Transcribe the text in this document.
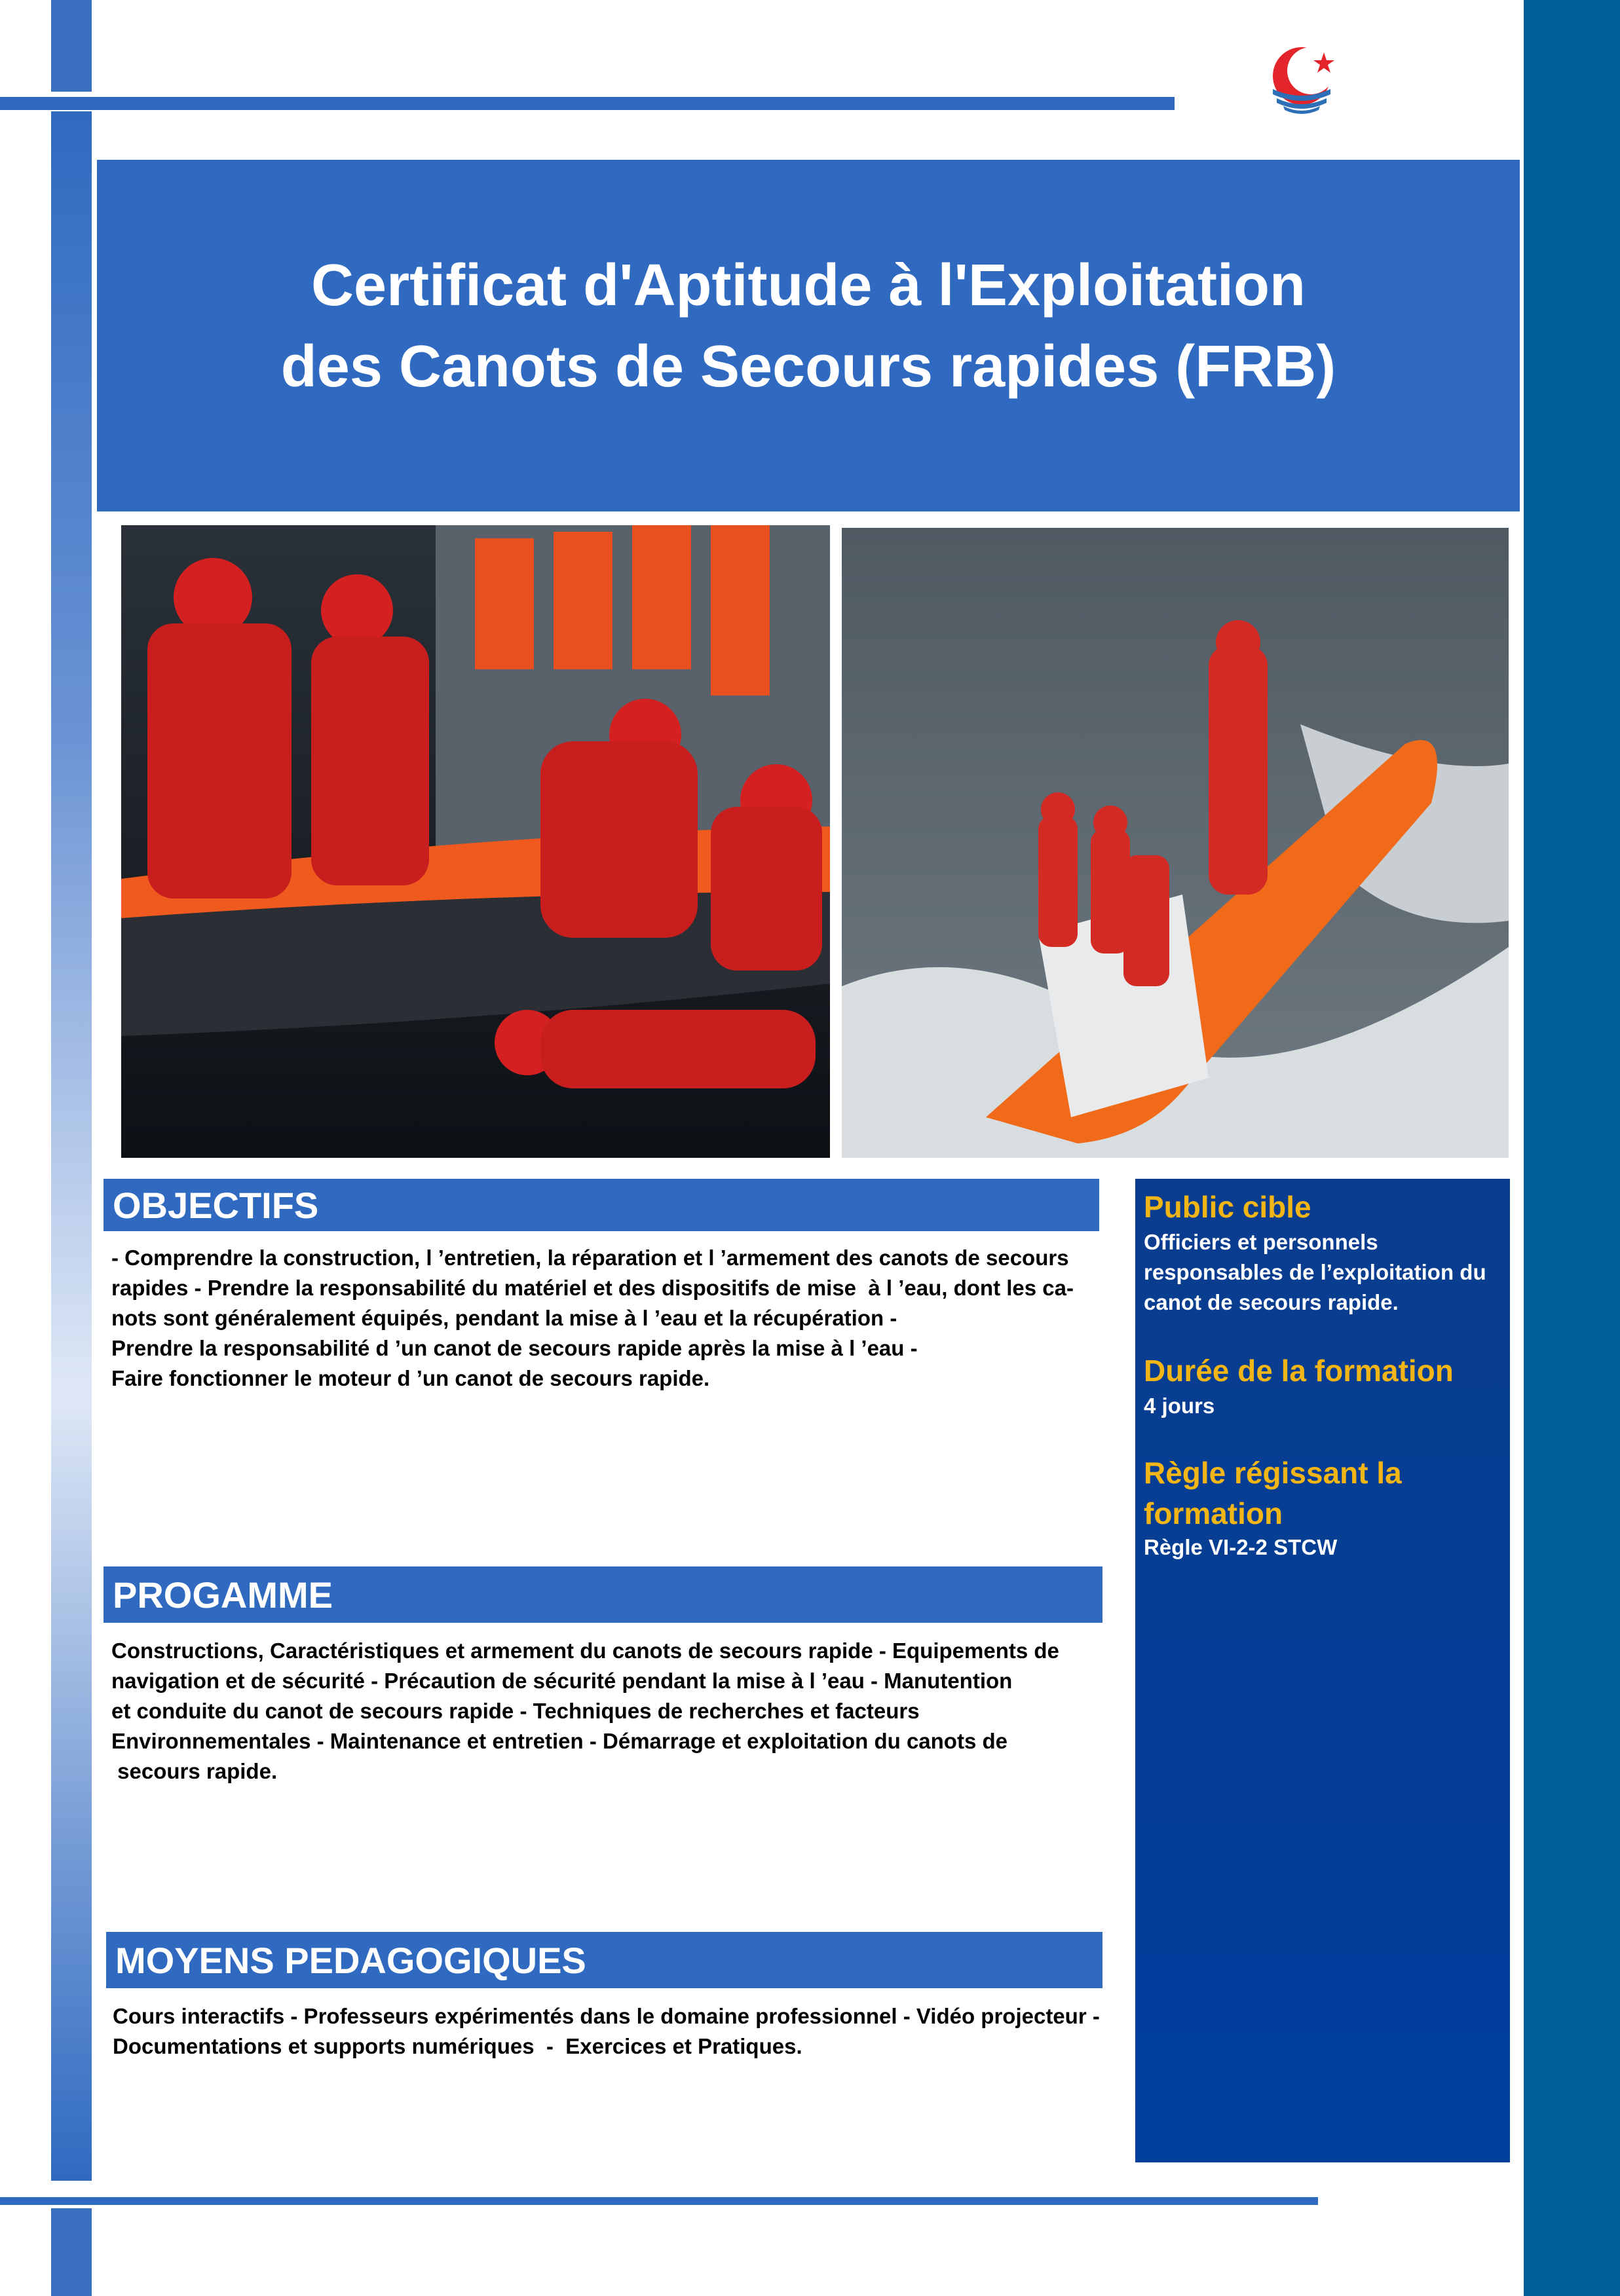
Certificat d'Aptitude à l'Exploitation
des Canots de Secours rapides (FRB)
OBJECTIFS
- Comprendre la construction, l ’entretien, la réparation et l ’armement des canots de secours
rapides - Prendre la responsabilité du matériel et des dispositifs de mise  à l ’eau, dont les ca-
nots sont généralement équipés, pendant la mise à l ’eau et la récupération -
Prendre la responsabilité d ’un canot de secours rapide après la mise à l ’eau -
Faire fonctionner le moteur d ’un canot de secours rapide.
PROGAMME
Constructions, Caractéristiques et armement du canots de secours rapide - Equipements de
navigation et de sécurité - Précaution de sécurité pendant la mise à l ’eau - Manutention
et conduite du canot de secours rapide - Techniques de recherches et facteurs
Environnementales - Maintenance et entretien - Démarrage et exploitation du canots de
secours rapide.
MOYENS PEDAGOGIQUES
Cours interactifs - Professeurs expérimentés dans le domaine professionnel - Vidéo projecteur -
Documentations et supports numériques  -  Exercices et Pratiques.
Public cible
Officiers et personnels
responsables de l’exploitation du
canot de secours rapide.
Durée de la formation
4 jours
Règle régissant la
formation
Règle VI-2-2 STCW
